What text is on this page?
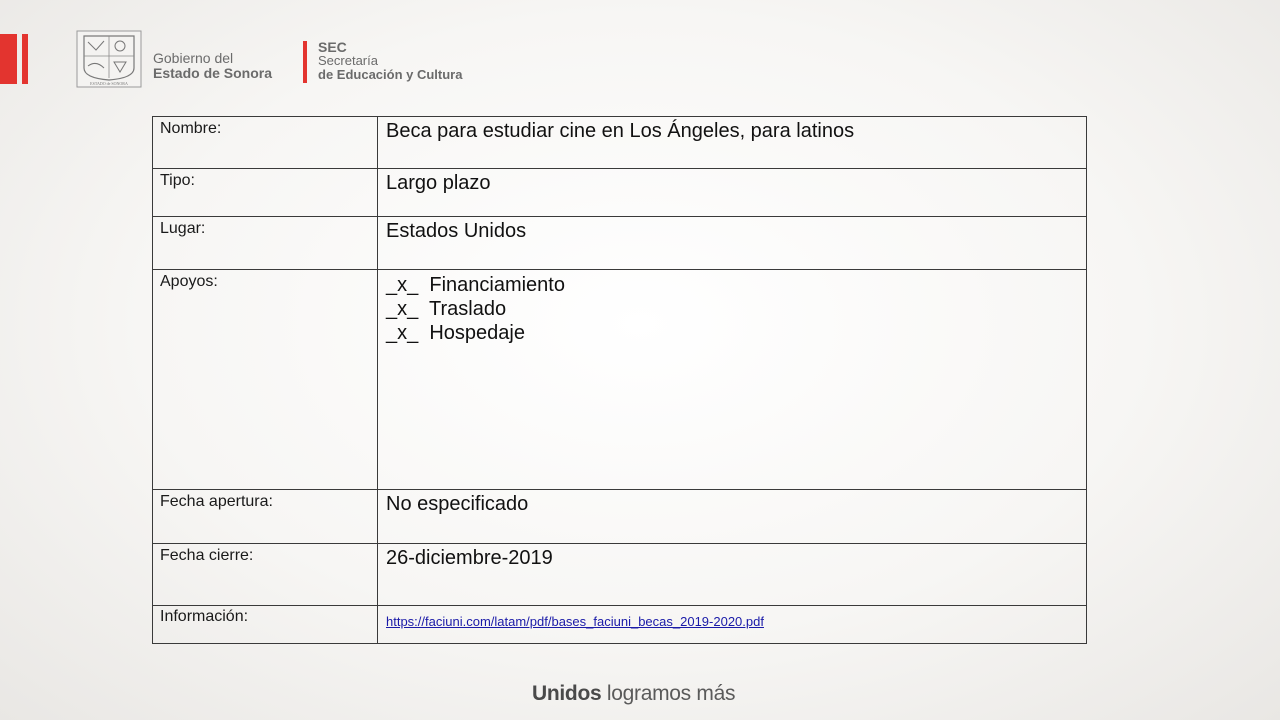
ESTADO de SONORA
Gobierno del
Estado de Sonora
SEC
Secretaría
de Educación y Cultura
Nombre:	Beca para estudiar cine en Los Ángeles, para latinos
Tipo:	Largo plazo
Lugar:	Estados Unidos
Apoyos:	_x_  Financiamiento
_x_  Traslado
_x_  Hospedaje

Fecha apertura:	No especificado
Fecha cierre:	26-diciembre-2019
Información:	https://faciuni.com/latam/pdf/bases_faciuni_becas_2019-2020.pdf
Unidos logramos más
